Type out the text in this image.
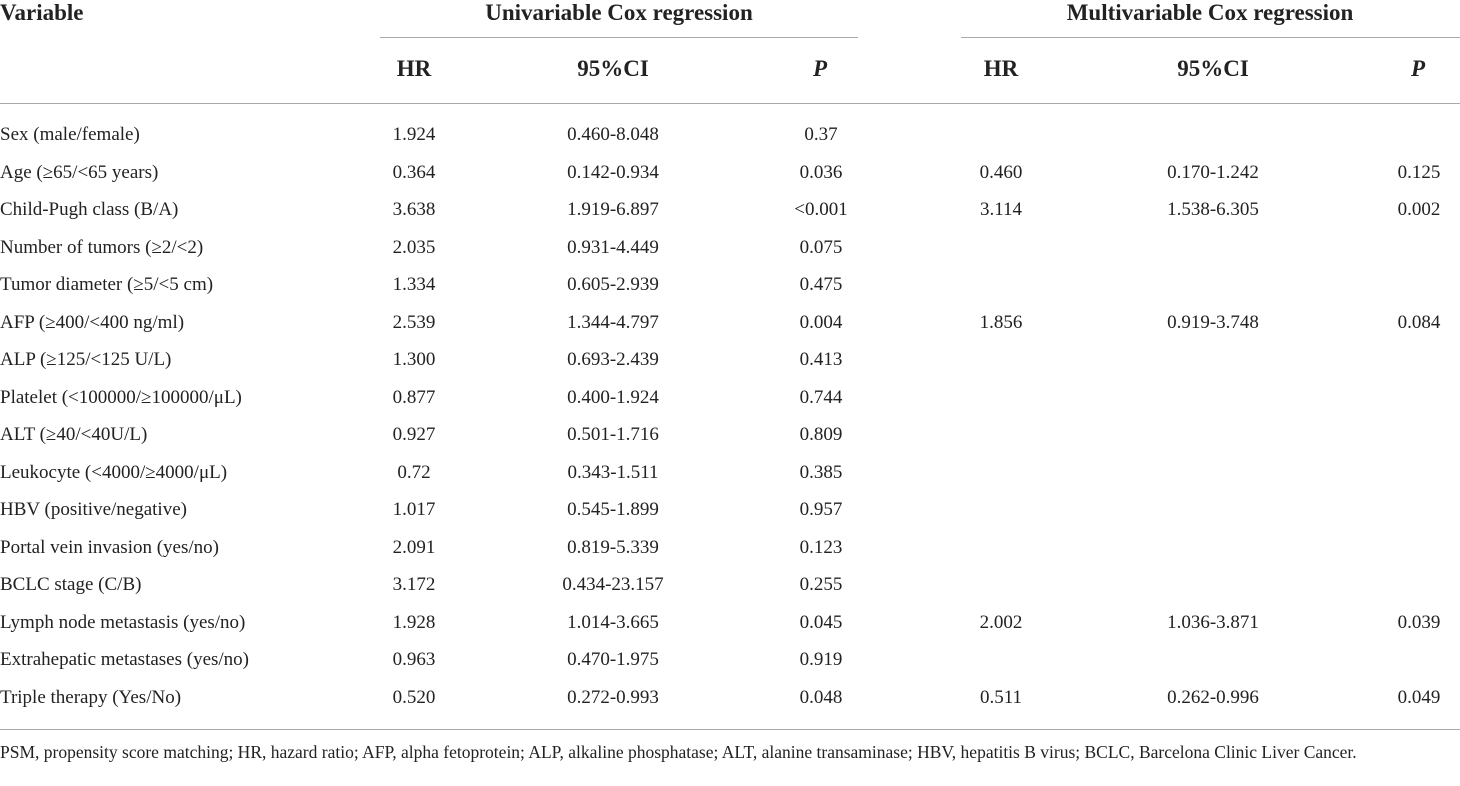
Variable	Univariable Cox regression	Multivariable Cox regression
HR	95%CI	P	HR	95%CI	P
Sex (male/female)	1.924	0.460-8.048	0.37
Age (≥65/<65 years)	0.364	0.142-0.934	0.036	0.460	0.170-1.242	0.125
Child-Pugh class (B/A)	3.638	1.919-6.897	<0.001	3.114	1.538-6.305	0.002
Number of tumors (≥2/<2)	2.035	0.931-4.449	0.075
Tumor diameter (≥5/<5 cm)	1.334	0.605-2.939	0.475
AFP (≥400/<400 ng/ml)	2.539	1.344-4.797	0.004	1.856	0.919-3.748	0.084
ALP (≥125/<125 U/L)	1.300	0.693-2.439	0.413
Platelet (<100000/≥100000/μL)	0.877	0.400-1.924	0.744
ALT (≥40/<40U/L)	0.927	0.501-1.716	0.809
Leukocyte (<4000/≥4000/μL)	0.72	0.343-1.511	0.385
HBV (positive/negative)	1.017	0.545-1.899	0.957
Portal vein invasion (yes/no)	2.091	0.819-5.339	0.123
BCLC stage (C/B)	3.172	0.434-23.157	0.255
Lymph node metastasis (yes/no)	1.928	1.014-3.665	0.045	2.002	1.036-3.871	0.039
Extrahepatic metastases (yes/no)	0.963	0.470-1.975	0.919
Triple therapy (Yes/No)	0.520	0.272-0.993	0.048	0.511	0.262-0.996	0.049
PSM, propensity score matching; HR, hazard ratio; AFP, alpha fetoprotein; ALP, alkaline phosphatase; ALT, alanine transaminase; HBV, hepatitis B virus; BCLC, Barcelona Clinic Liver Cancer.
